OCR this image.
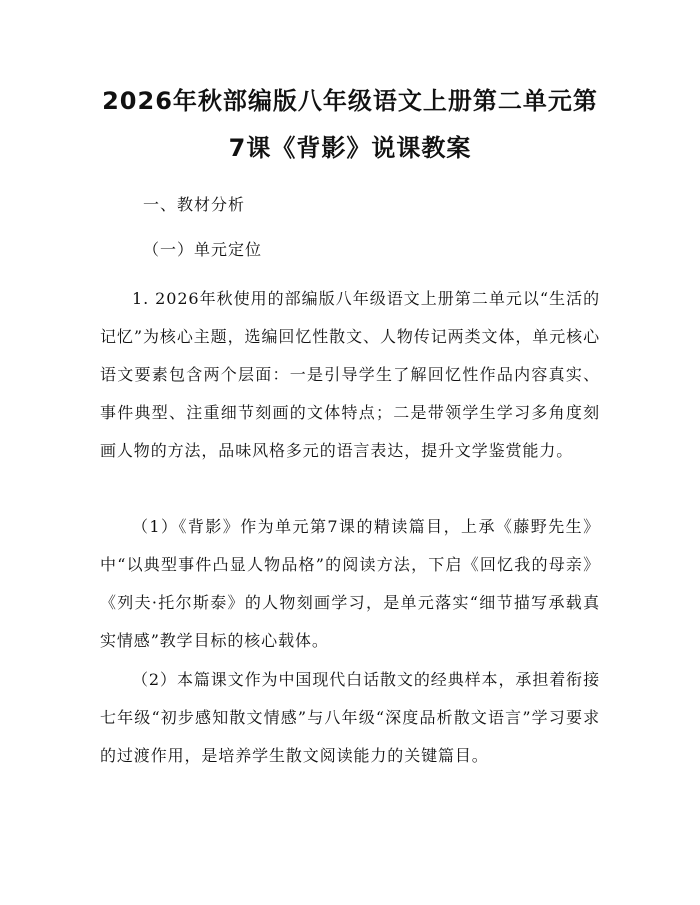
2026年秋部编版八年级语文上册第二单元第
7课《背影》说课教案
一、教材分析
（一）单元定位

1. 2026年秋使用的部编版八年级语文上册第二单元以“生活的记忆”为核心主题，选编回忆性散文、人物传记两类文体，单元核心语文要素包含两个层面：一是引导学生了解回忆性作品内容真实、事件典型、注重细节刻画的文体特点；二是带领学生学习多角度刻画人物的方法，品味风格多元的语言表达，提升文学鉴赏能力。

（1）《背影》作为单元第7课的精读篇目，上承《藤野先生》中“以典型事件凸显人物品格”的阅读方法，下启《回忆我的母亲》《列夫·托尔斯泰》的人物刻画学习，是单元落实“细节描写承载真实情感”教学目标的核心载体。

（2）本篇课文作为中国现代白话散文的经典样本，承担着衔接七年级“初步感知散文情感”与八年级“深度品析散文语言”学习要求的过渡作用，是培养学生散文阅读能力的关键篇目。
